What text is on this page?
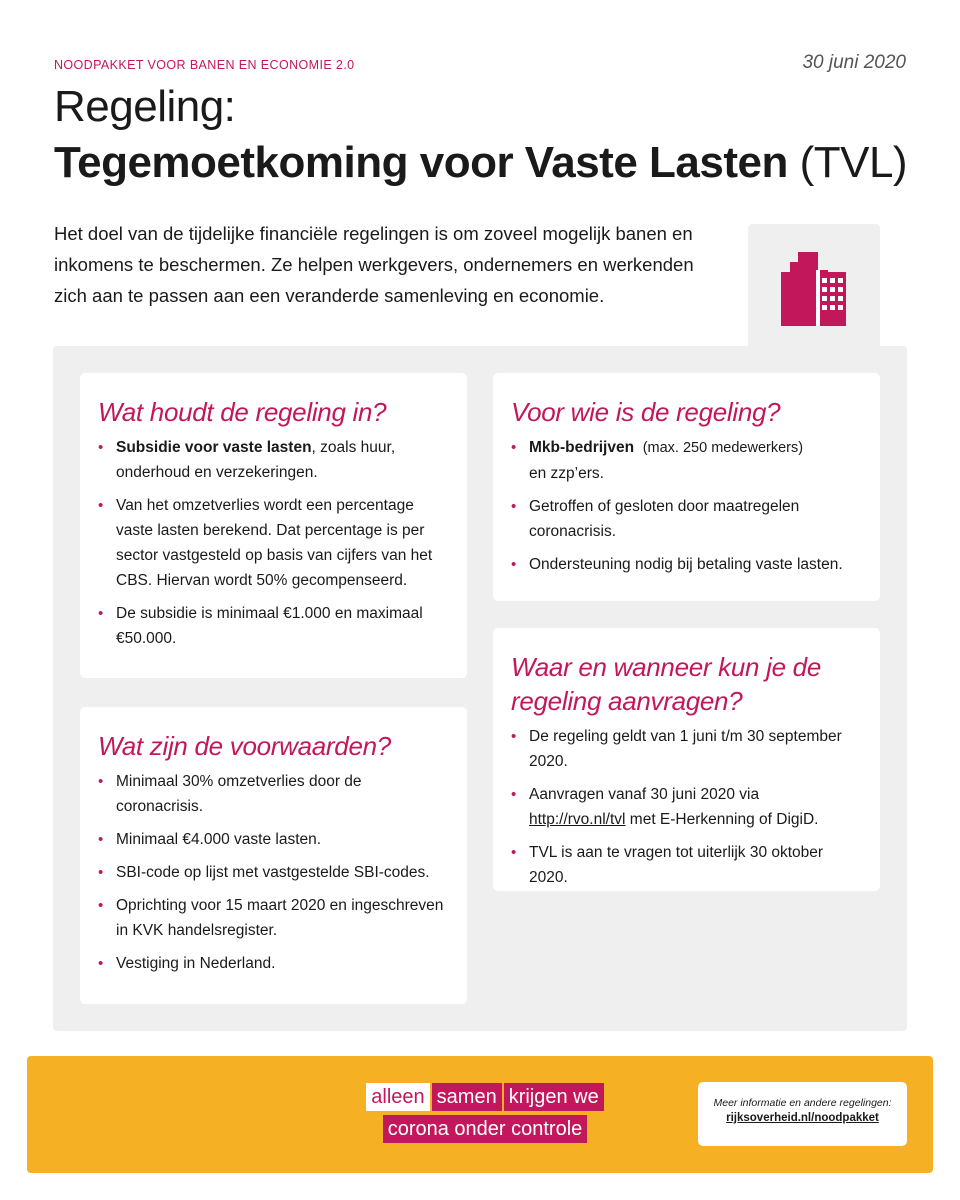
NOODPAKKET VOOR BANEN EN ECONOMIE 2.0	30 juni 2020
Regeling:
Tegemoetkoming voor Vaste Lasten (TVL)

Het doel van de tijdelijke financiële regelingen is om zoveel mogelijk banen en inkomens te beschermen. Ze helpen werkgevers, ondernemers en werkenden zich aan te passen aan een veranderde samenleving en economie.

Wat houdt de regeling in?
• Subsidie voor vaste lasten, zoals huur, onderhoud en verzekeringen.
• Van het omzetverlies wordt een percentage vaste lasten berekend. Dat percentage is per sector vastgesteld op basis van cijfers van het CBS. Hiervan wordt 50% gecompenseerd.
• De subsidie is minimaal €1.000 en maximaal €50.000.
Wat zijn de voorwaarden?
• Minimaal 30% omzetverlies door de coronacrisis.
• Minimaal €4.000 vaste lasten.
• SBI-code op lijst met vastgestelde SBI-codes.
• Oprichting voor 15 maart 2020 en ingeschreven in KVK handelsregister.
• Vestiging in Nederland.
Voor wie is de regeling?
• Mkb-bedrijven (max. 250 medewerkers)
en zzp’ers.
• Getroffen of gesloten door maatregelen coronacrisis.
• Ondersteuning nodig bij betaling vaste lasten.
Waar en wanneer kun je de regeling aanvragen?
• De regeling geldt van 1 juni t/m 30 september 2020.
• Aanvragen vanaf 30 juni 2020 via http://rvo.nl/tvl met E-Herkenning of DigiD.
• TVL is aan te vragen tot uiterlijk 30 oktober 2020.
alleen samen krijgen we
corona onder controle
Meer informatie en andere regelingen:
rijksoverheid.nl/noodpakket
